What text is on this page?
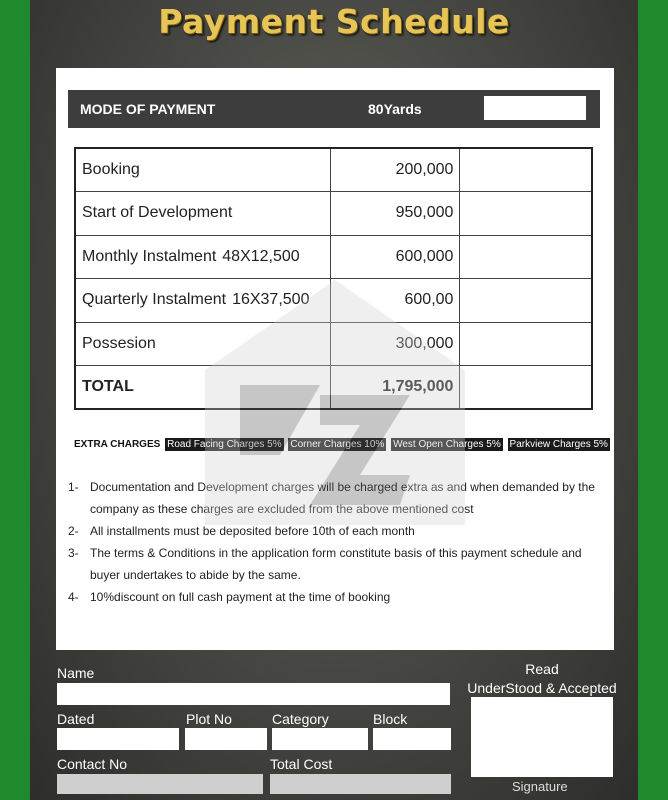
Payment Schedule
MODE OF PAYMENT	80Yards
Booking	200,000	
Start of Development	950,000	
Monthly Instalment 48X12,500	600,000	
Quarterly Instalment 16X37,500	600,00	
Possesion	300,000	
TOTAL	1,795,000	
EXTRA CHARGES Road Facing Charges 5% Corner Charges 10% West Open Charges 5% Parkview Charges 5%
1- Documentation and Development charges will be charged extra as and when demanded by the company as these charges are excluded from the above mentioned cost
2- All installments must be deposited before 10th of each month
3- The terms & Conditions in the application form constitute basis of this payment schedule and buyer undertakes to abide by the same.
4- 10%discount on full cash payment at the time of booking
Name	Read
UnderStood & Accepted
Signature
Dated	Plot No	Category	Block
Contact No	Total Cost
